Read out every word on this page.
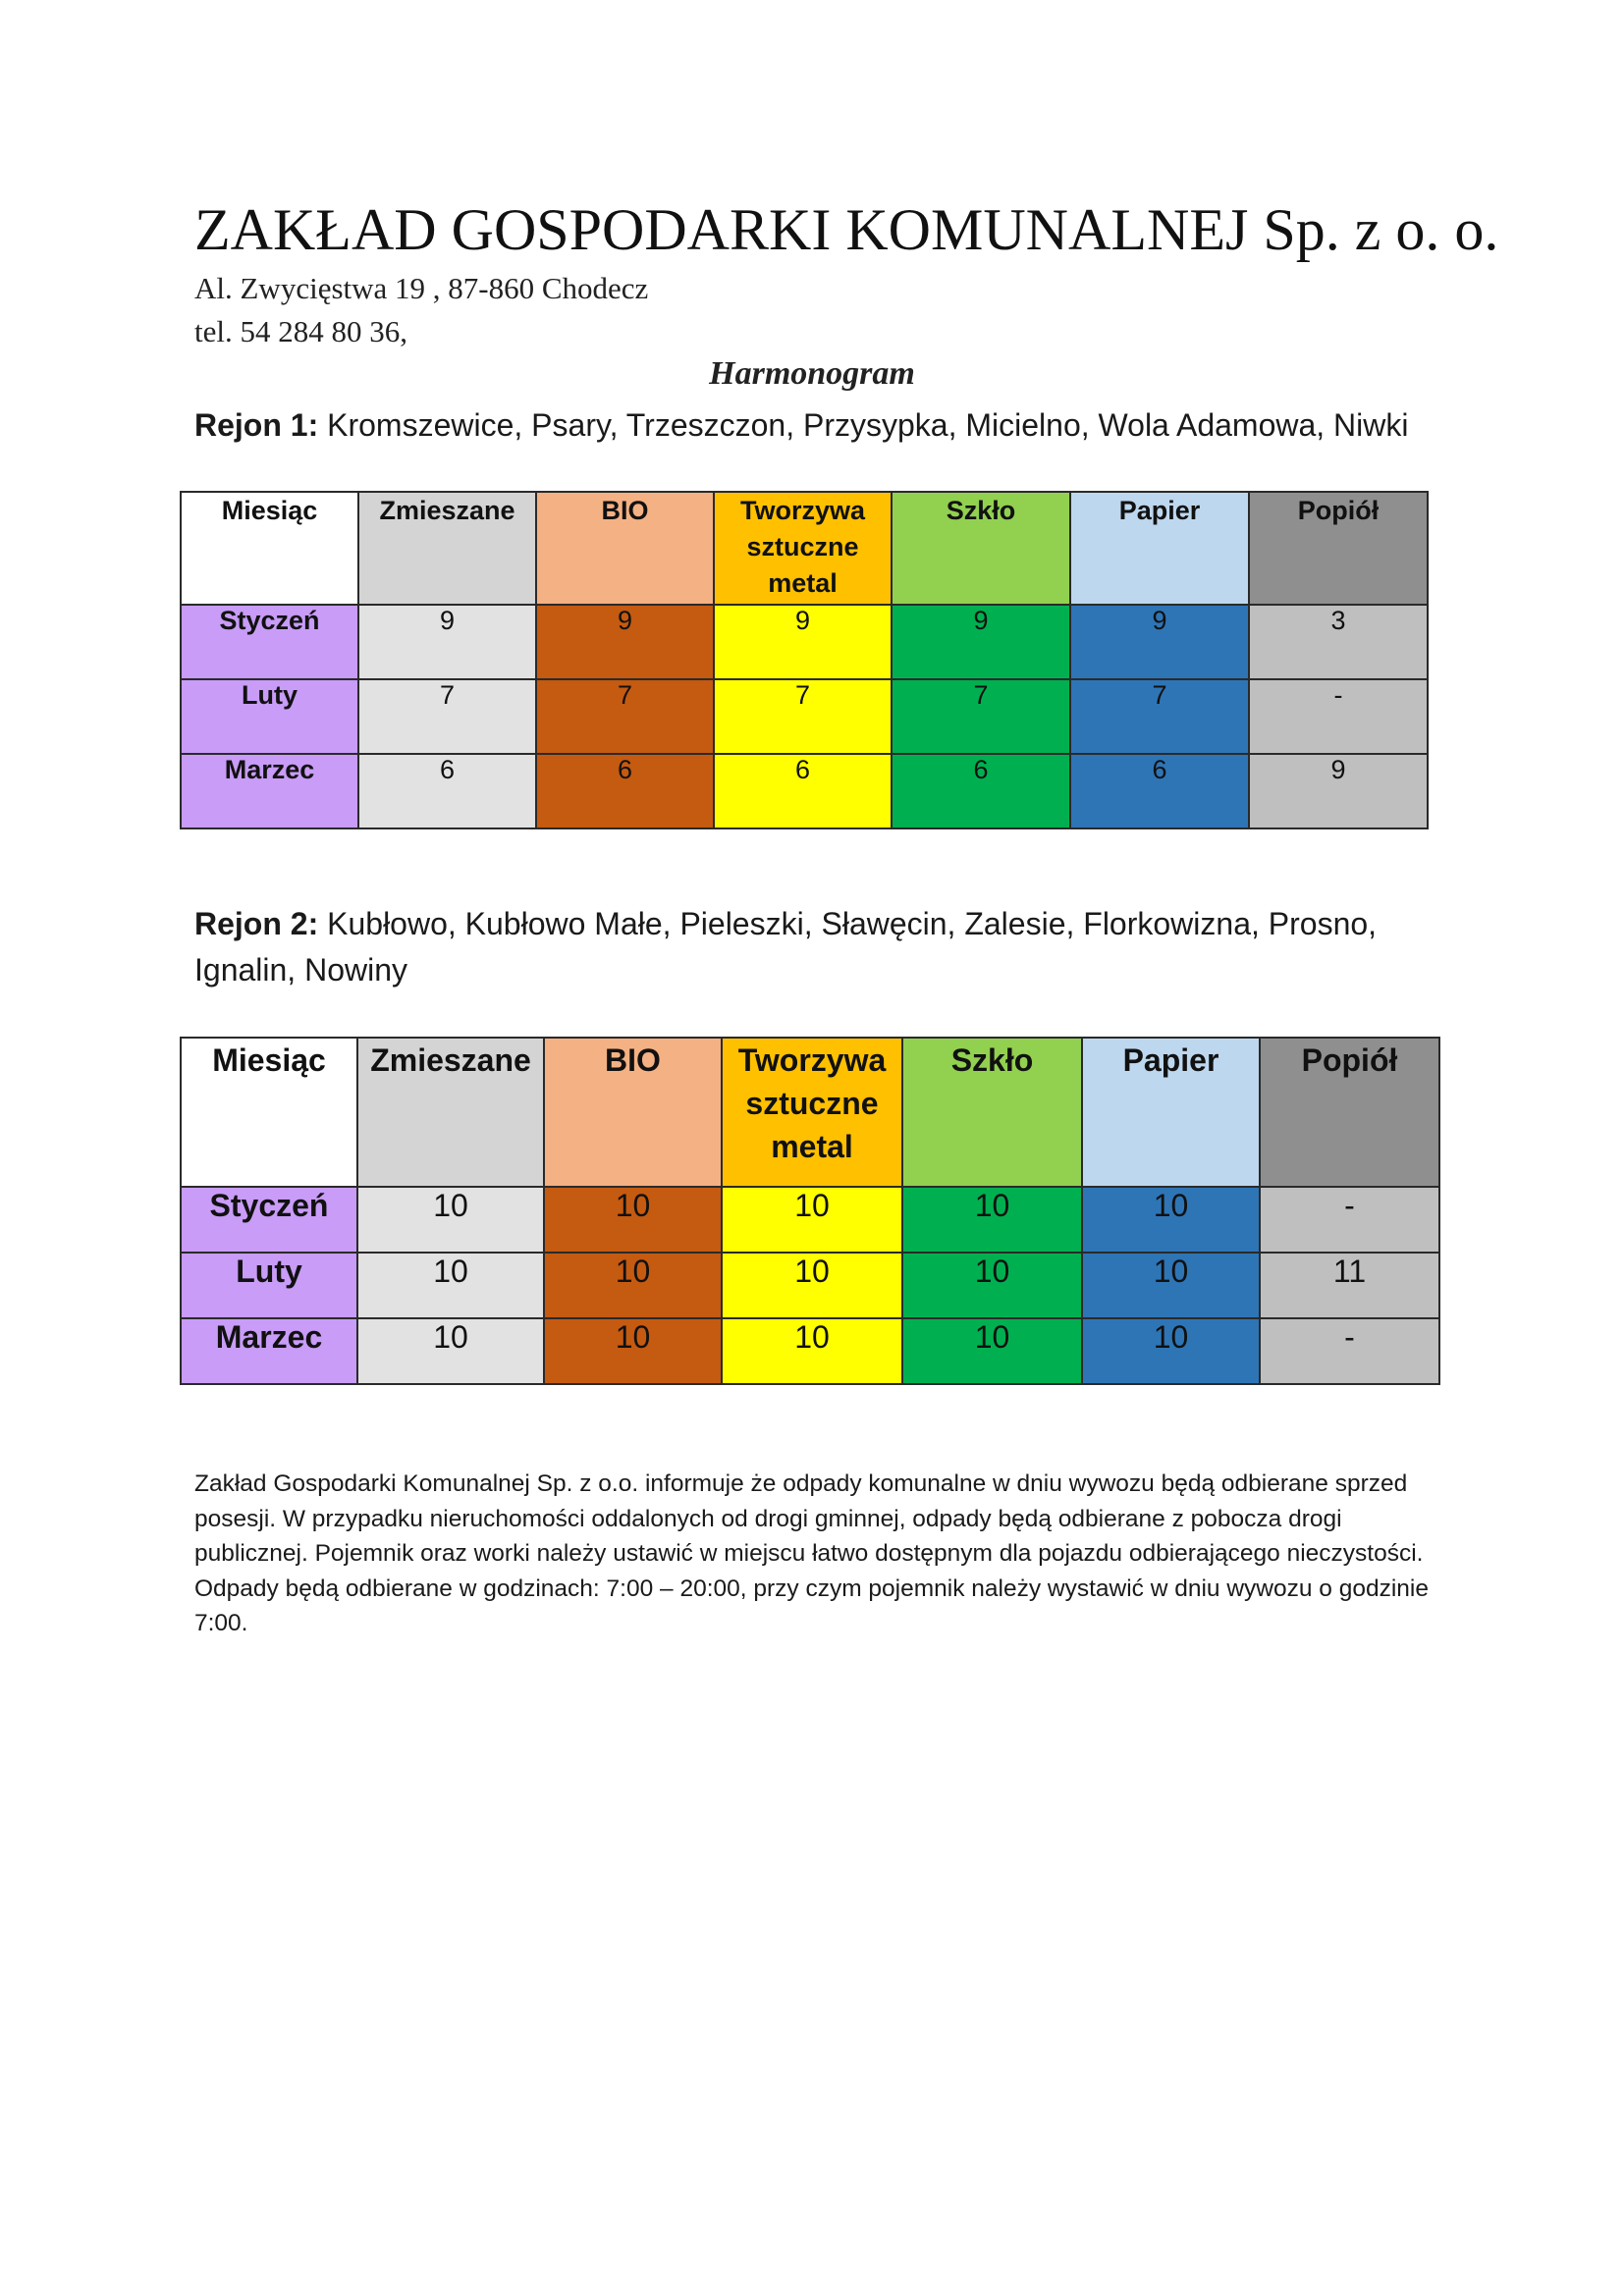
ZAKŁAD GOSPODARKI KOMUNALNEJ Sp. z o. o.
Al. Zwycięstwa 19 , 87-860 Chodecz
tel. 54 284 80 36,
Harmonogram
Rejon 1: Kromszewice, Psary, Trzeszczon, Przysypka, Micielno, Wola Adamowa, Niwki
Miesiąc	Zmieszane	BIO	Tworzywa sztuczne metal	Szkło	Papier	Popiół
Styczeń	9	9	9	9	9	3
Luty	7	7	7	7	7	-
Marzec	6	6	6	6	6	9
Rejon 2: Kubłowo, Kubłowo Małe, Pieleszki, Sławęcin, Zalesie, Florkowizna, Prosno, Ignalin, Nowiny
Miesiąc	Zmieszane	BIO	Tworzywa sztuczne metal	Szkło	Papier	Popiół
Styczeń	10	10	10	10	10	-
Luty	10	10	10	10	10	11
Marzec	10	10	10	10	10	-
Zakład Gospodarki Komunalnej Sp. z o.o. informuje że odpady komunalne w dniu wywozu będą odbierane sprzed posesji. W przypadku nieruchomości oddalonych od drogi gminnej, odpady będą odbierane z pobocza drogi publicznej. Pojemnik oraz worki należy ustawić w miejscu łatwo dostępnym dla pojazdu odbierającego nieczystości. Odpady będą odbierane w godzinach: 7:00 – 20:00, przy czym pojemnik należy wystawić w dniu wywozu o godzinie 7:00.
